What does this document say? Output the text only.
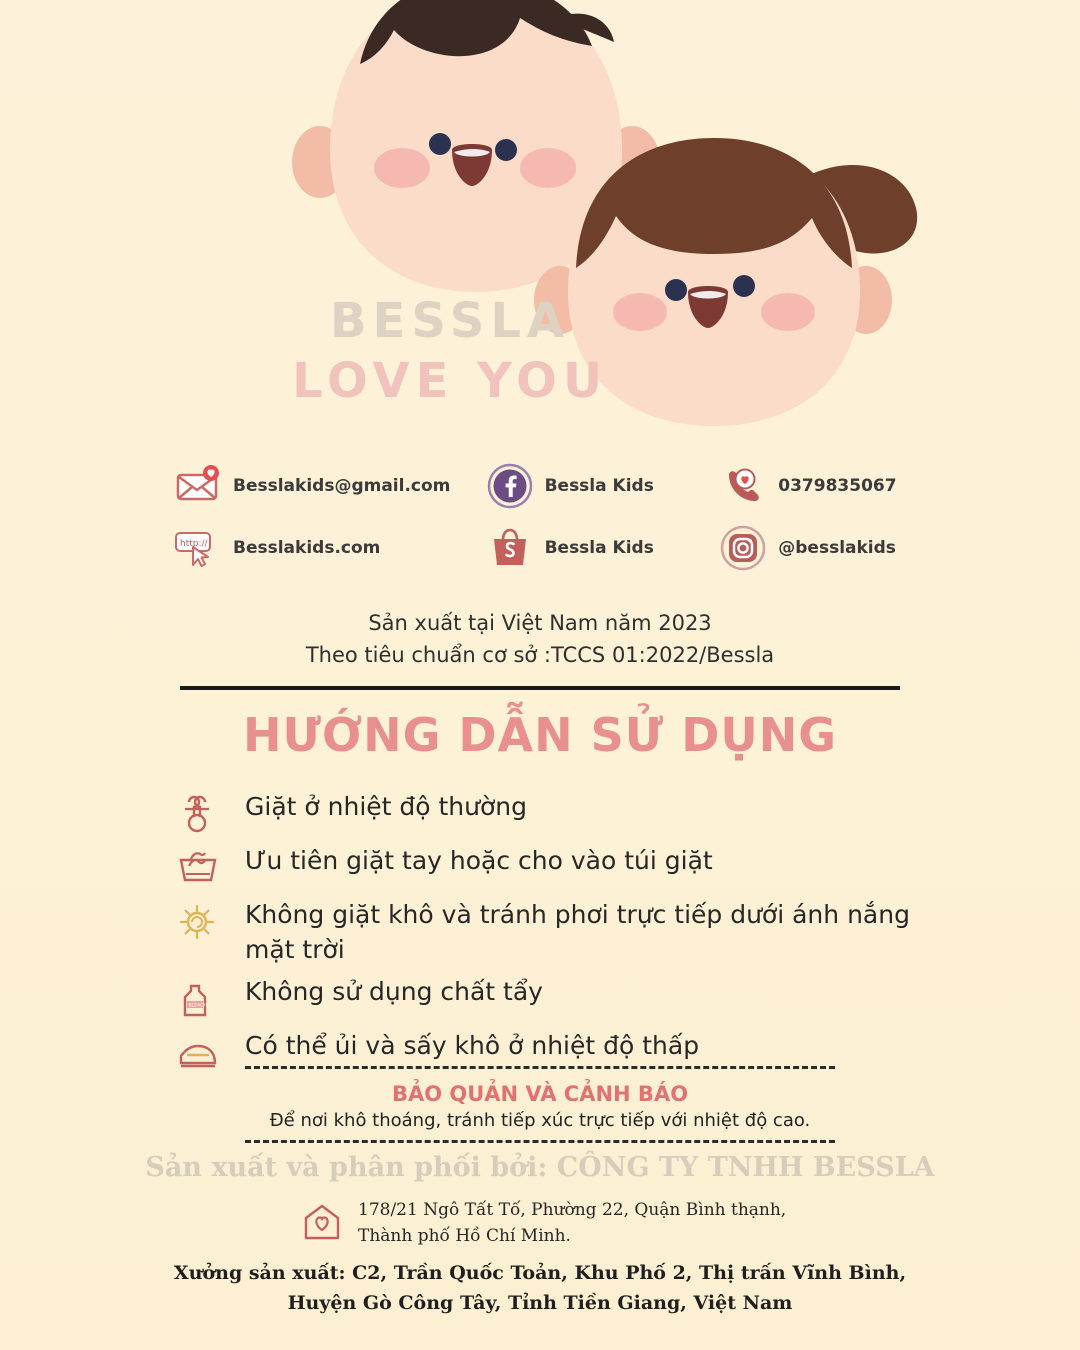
BESSLA
LOVE YOU
Besslakids@gmail.com	Bessla Kids	0379835067
http:// Besslakids.com	Bessla Kids	@besslakids
Sản xuất tại Việt Nam năm 2023
Theo tiêu chuẩn cơ sở :TCCS 01:2022/Bessla
HƯỚNG DẪN SỬ DỤNG
Giặt ở nhiệt độ thường
Ưu tiên giặt tay hoặc cho vào túi giặt
Không giặt khô và tránh phơi trực tiếp dưới ánh nắng mặt trời
BLEACH
Không sử dụng chất tẩy
Có thể ủi và sấy khô ở nhiệt độ thấp
BẢO QUẢN VÀ CẢNH BÁO
Để nơi khô thoáng, tránh tiếp xúc trực tiếp với nhiệt độ cao.
Sản xuất và phân phối bởi: CÔNG TY TNHH BESSLA
178/21 Ngô Tất Tố, Phường 22, Quận Bình thạnh,
Thành phố Hồ Chí Minh.
Xưởng sản xuất: C2, Trần Quốc Toản, Khu Phố 2, Thị trấn Vĩnh Bình,
Huyện Gò Công Tây, Tỉnh Tiền Giang, Việt Nam
